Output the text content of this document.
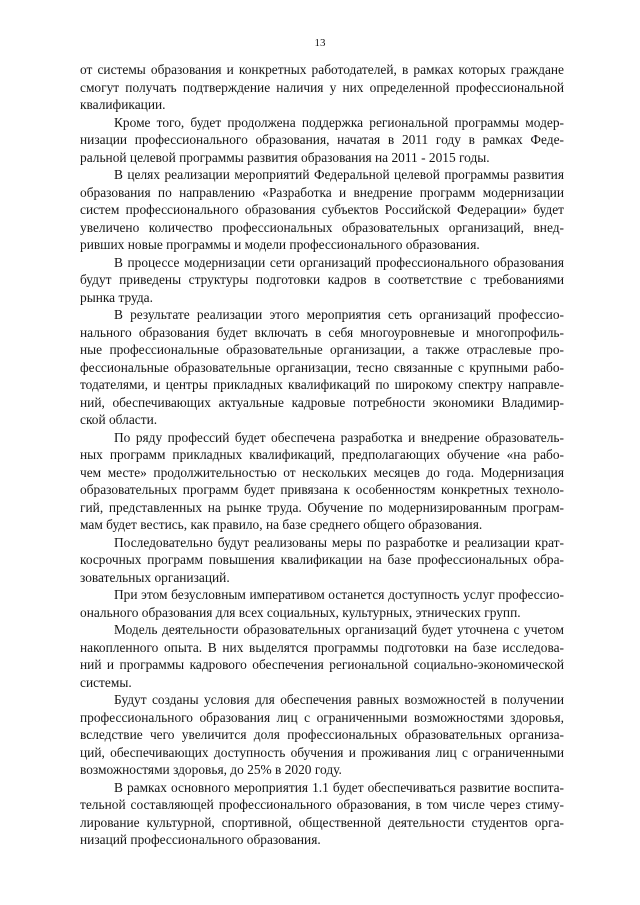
13

от системы образования и конкретных работодателей, в рамках которых граждане
смогут получать подтверждение наличия у них определенной профессиональной
квалификации.

Кроме того, будет продолжена поддержка региональной программы модер-
низации профессионального образования, начатая в 2011 году в рамках Феде-
ральной целевой программы развития образования на 2011 - 2015 годы.

В целях реализации мероприятий Федеральной целевой программы развития
образования по направлению «Разработка и внедрение программ модернизации
систем профессионального образования субъектов Российской Федерации» будет
увеличено количество профессиональных образовательных организаций, внед-
ривших новые программы и модели профессионального образования.

В процессе модернизации сети организаций профессионального образования
будут приведены структуры подготовки кадров в соответствие с требованиями
рынка труда.

В результате реализации этого мероприятия сеть организаций профессио-
нального образования будет включать в себя многоуровневые и многопрофиль-
ные профессиональные образовательные организации, а также отраслевые про-
фессиональные образовательные организации, тесно связанные с крупными рабо-
тодателями, и центры прикладных квалификаций по широкому спектру направле-
ний, обеспечивающих актуальные кадровые потребности экономики Владимир-
ской области.

По ряду профессий будет обеспечена разработка и внедрение образователь-
ных программ прикладных квалификаций, предполагающих обучение «на рабо-
чем месте» продолжительностью от нескольких месяцев до года. Модернизация
образовательных программ будет привязана к особенностям конкретных техноло-
гий, представленных на рынке труда. Обучение по модернизированным програм-
мам будет вестись, как правило, на базе среднего общего образования.

Последовательно будут реализованы меры по разработке и реализации крат-
косрочных программ повышения квалификации на базе профессиональных обра-
зовательных организаций.

При этом безусловным императивом останется доступность услуг профессио-
онального образования для всех социальных, культурных, этнических групп.

Модель деятельности образовательных организаций будет уточнена с учетом
накопленного опыта. В них выделятся программы подготовки на базе исследова-
ний и программы кадрового обеспечения региональной социально-экономической
системы.

Будут созданы условия для обеспечения равных возможностей в получении
профессионального образования лиц с ограниченными возможностями здоровья,
вследствие чего увеличится доля профессиональных образовательных организа-
ций, обеспечивающих доступность обучения и проживания лиц с ограниченными
возможностями здоровья, до 25% в 2020 году.

В рамках основного мероприятия 1.1 будет обеспечиваться развитие воспита-
тельной составляющей профессионального образования, в том числе через стиму-
лирование культурной, спортивной, общественной деятельности студентов орга-
низаций профессионального образования.
